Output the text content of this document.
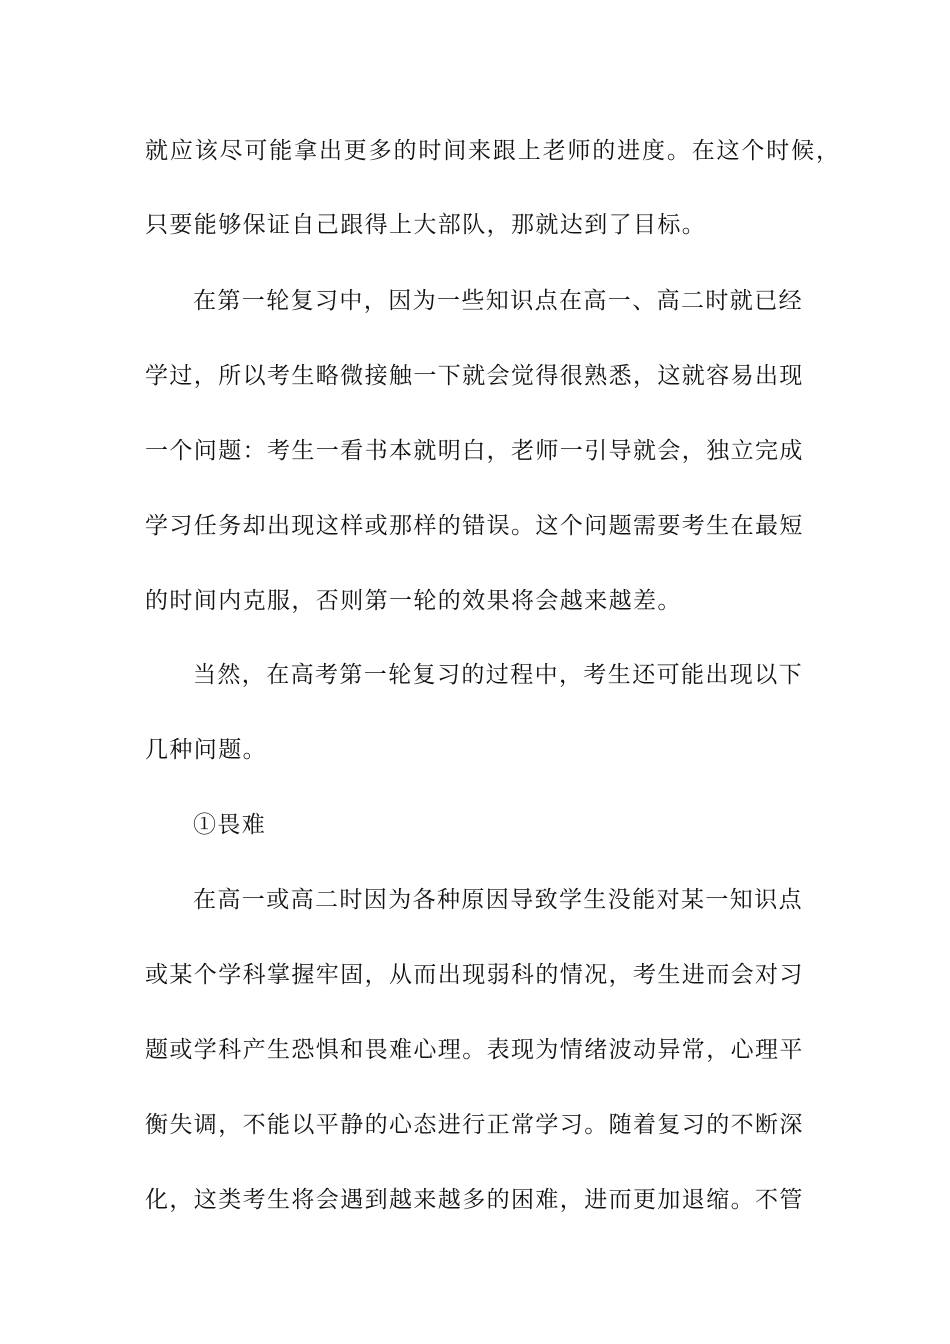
就应该尽可能拿出更多的时间来跟上老师的进度。在这个时候，
只要能够保证自己跟得上大部队，那就达到了目标。
在第一轮复习中，因为一些知识点在高一、高二时就已经
学过，所以考生略微接触一下就会觉得很熟悉，这就容易出现
一个问题：考生一看书本就明白，老师一引导就会，独立完成
学习任务却出现这样或那样的错误。这个问题需要考生在最短
的时间内克服，否则第一轮的效果将会越来越差。
当然，在高考第一轮复习的过程中，考生还可能出现以下
几种问题。
①畏难
在高一或高二时因为各种原因导致学生没能对某一知识点
或某个学科掌握牢固，从而出现弱科的情况，考生进而会对习
题或学科产生恐惧和畏难心理。表现为情绪波动异常，心理平
衡失调，不能以平静的心态进行正常学习。随着复习的不断深
化，这类考生将会遇到越来越多的困难，进而更加退缩。不管
